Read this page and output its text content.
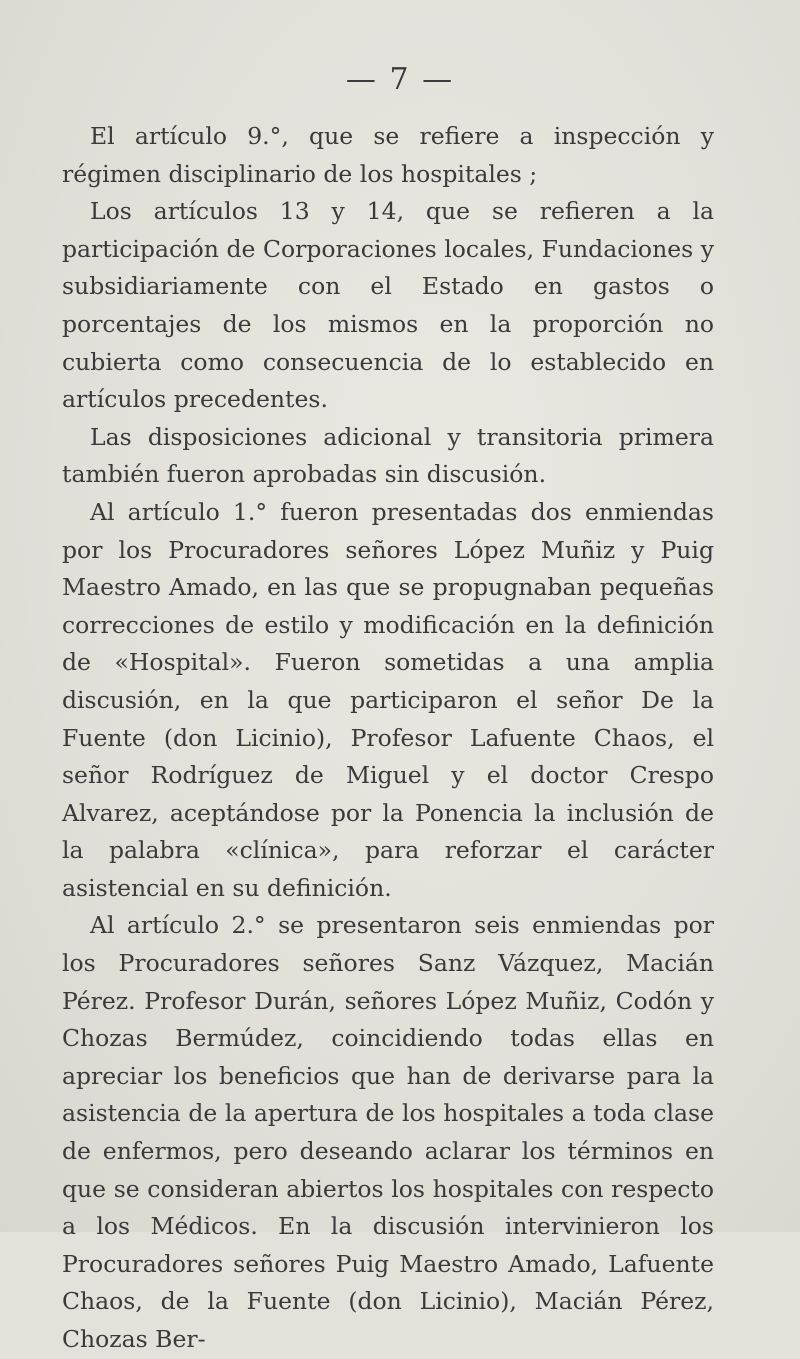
— 7 —

El artículo 9.°, que se refiere a inspección y régimen disciplinario de los hospitales ;

Los artículos 13 y 14, que se refieren a la participación de Corporaciones locales, Fundaciones y subsidiariamente con el Estado en gastos o porcentajes de los mismos en la proporción no cubierta como consecuencia de lo establecido en artículos precedentes.

Las disposiciones adicional y transitoria primera también fueron aprobadas sin discusión.

Al artículo 1.° fueron presentadas dos enmiendas por los Procuradores señores López Muñiz y Puig Maestro Amado, en las que se propugnaban pequeñas correcciones de estilo y modificación en la definición de «Hospital». Fueron sometidas a una amplia discusión, en la que participaron el señor De la Fuente (don Licinio), Profesor Lafuente Chaos, el señor Rodríguez de Miguel y el doctor Crespo Alvarez, aceptándose por la Ponencia la inclusión de la palabra «clínica», para reforzar el carácter asistencial en su definición.

Al artículo 2.° se presentaron seis enmiendas por los Procuradores señores Sanz Vázquez, Macián Pérez. Profesor Durán, señores López Muñiz, Codón y Chozas Bermúdez, coincidiendo todas ellas en apreciar los beneficios que han de derivarse para la asistencia de la apertura de los hospitales a toda clase de enfermos, pero deseando aclarar los términos en que se consideran abiertos los hospitales con respecto a los Médicos. En la discusión intervinieron los Procuradores señores Puig Maestro Amado, Lafuente Chaos, de la Fuente (don Licinio), Macián Pérez, Chozas Ber-
